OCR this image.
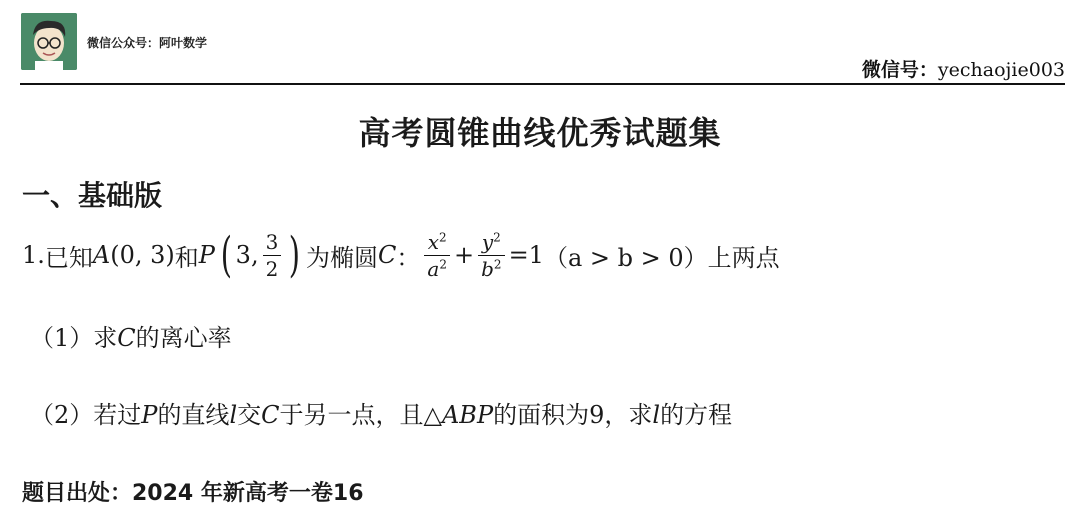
微信公众号：阿叶数学
微信号：yechaojie003
高考圆锥曲线优秀试题集
一、基础版
1. 已知 A (0, 3) 和 P ( 3, $\frac{3}{2}$ ) 为椭圆 C ： $\frac{x^2}{a^2} + \frac{y^2}{b^2} =1$ （a > b > 0） 上两点
（1）求C的离心率
（2）若过P的直线l交C于另一点，且△ABP的面积为9，求l的方程
题目出处：2024 年新高考一卷16
